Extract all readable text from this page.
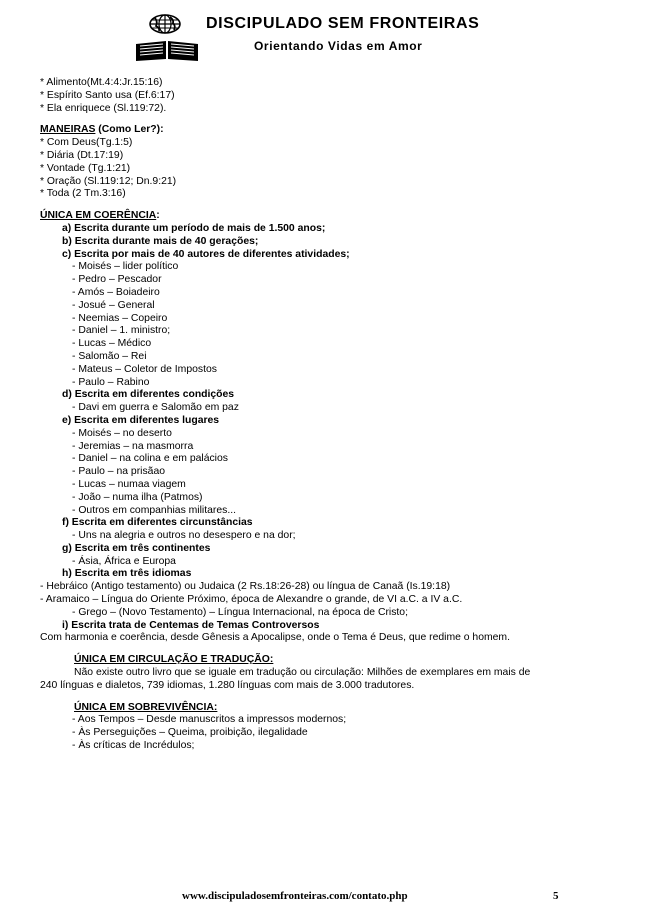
DISCIPULADO SEM FRONTEIRAS
Orientando Vidas em Amor
* Alimento(Mt.4:4:Jr.15:16)
* Espírito Santo usa (Ef.6:17)
* Ela enriquece (Sl.119:72).
MANEIRAS (Como Ler?):
* Com Deus(Tg.1:5)
* Diária (Dt.17:19)
* Vontade (Tg.1:21)
* Oração (Sl.119:12; Dn.9:21)
* Toda (2 Tm.3:16)
ÚNICA EM COERÊNCIA:
a) Escrita durante um período de mais de 1.500 anos;
b) Escrita durante mais de 40 gerações;
c) Escrita por mais de 40 autores de diferentes atividades;
- Moisés – lider político
- Pedro – Pescador
- Amós – Boiadeiro
- Josué – General
- Neemias – Copeiro
- Daniel – 1. ministro;
- Lucas – Médico
- Salomão – Rei
- Mateus – Coletor de Impostos
- Paulo – Rabino
d) Escrita em diferentes condições
- Davi em guerra e Salomão em paz
e) Escrita em diferentes lugares
- Moisés – no deserto
- Jeremias – na masmorra
- Daniel – na colina e em palácios
- Paulo – na prisãao
- Lucas – numaa viagem
- João – numa ilha (Patmos)
- Outros em companhias militares...
f) Escrita em diferentes circunstâncias
- Uns na alegria e outros no desespero e na dor;
g) Escrita em três continentes
- Ásia, África e Europa
h) Escrita em três idiomas
- Hebráico (Antigo testamento) ou Judaica (2 Rs.18:26-28) ou língua de Canaã (Is.19:18)
- Aramaico – Língua do Oriente Próximo, época de Alexandre o grande, de VI a.C. a IV a.C.
- Grego – (Novo Testamento) – Língua Internacional, na época de Cristo;
i) Escrita trata de Centemas de Temas Controversos
Com harmonia e coerência, desde Gênesis a Apocalipse, onde o Tema é Deus, que redime o homem.
ÚNICA EM CIRCULAÇÃO E TRADUÇÃO:
Não existe outro livro que se iguale em tradução ou circulação: Milhões de exemplares em mais de
240 línguas e dialetos, 739 idiomas, 1.280 línguas com mais de 3.000 tradutores.
ÚNICA EM SOBREVIVÊNCIA:
- Aos Tempos – Desde manuscritos a impressos modernos;
- Às Perseguições – Queima, proibição, ilegalidade
- Às críticas de Incrédulos;
www.discipuladosemfronteiras.com/contato.php	5
